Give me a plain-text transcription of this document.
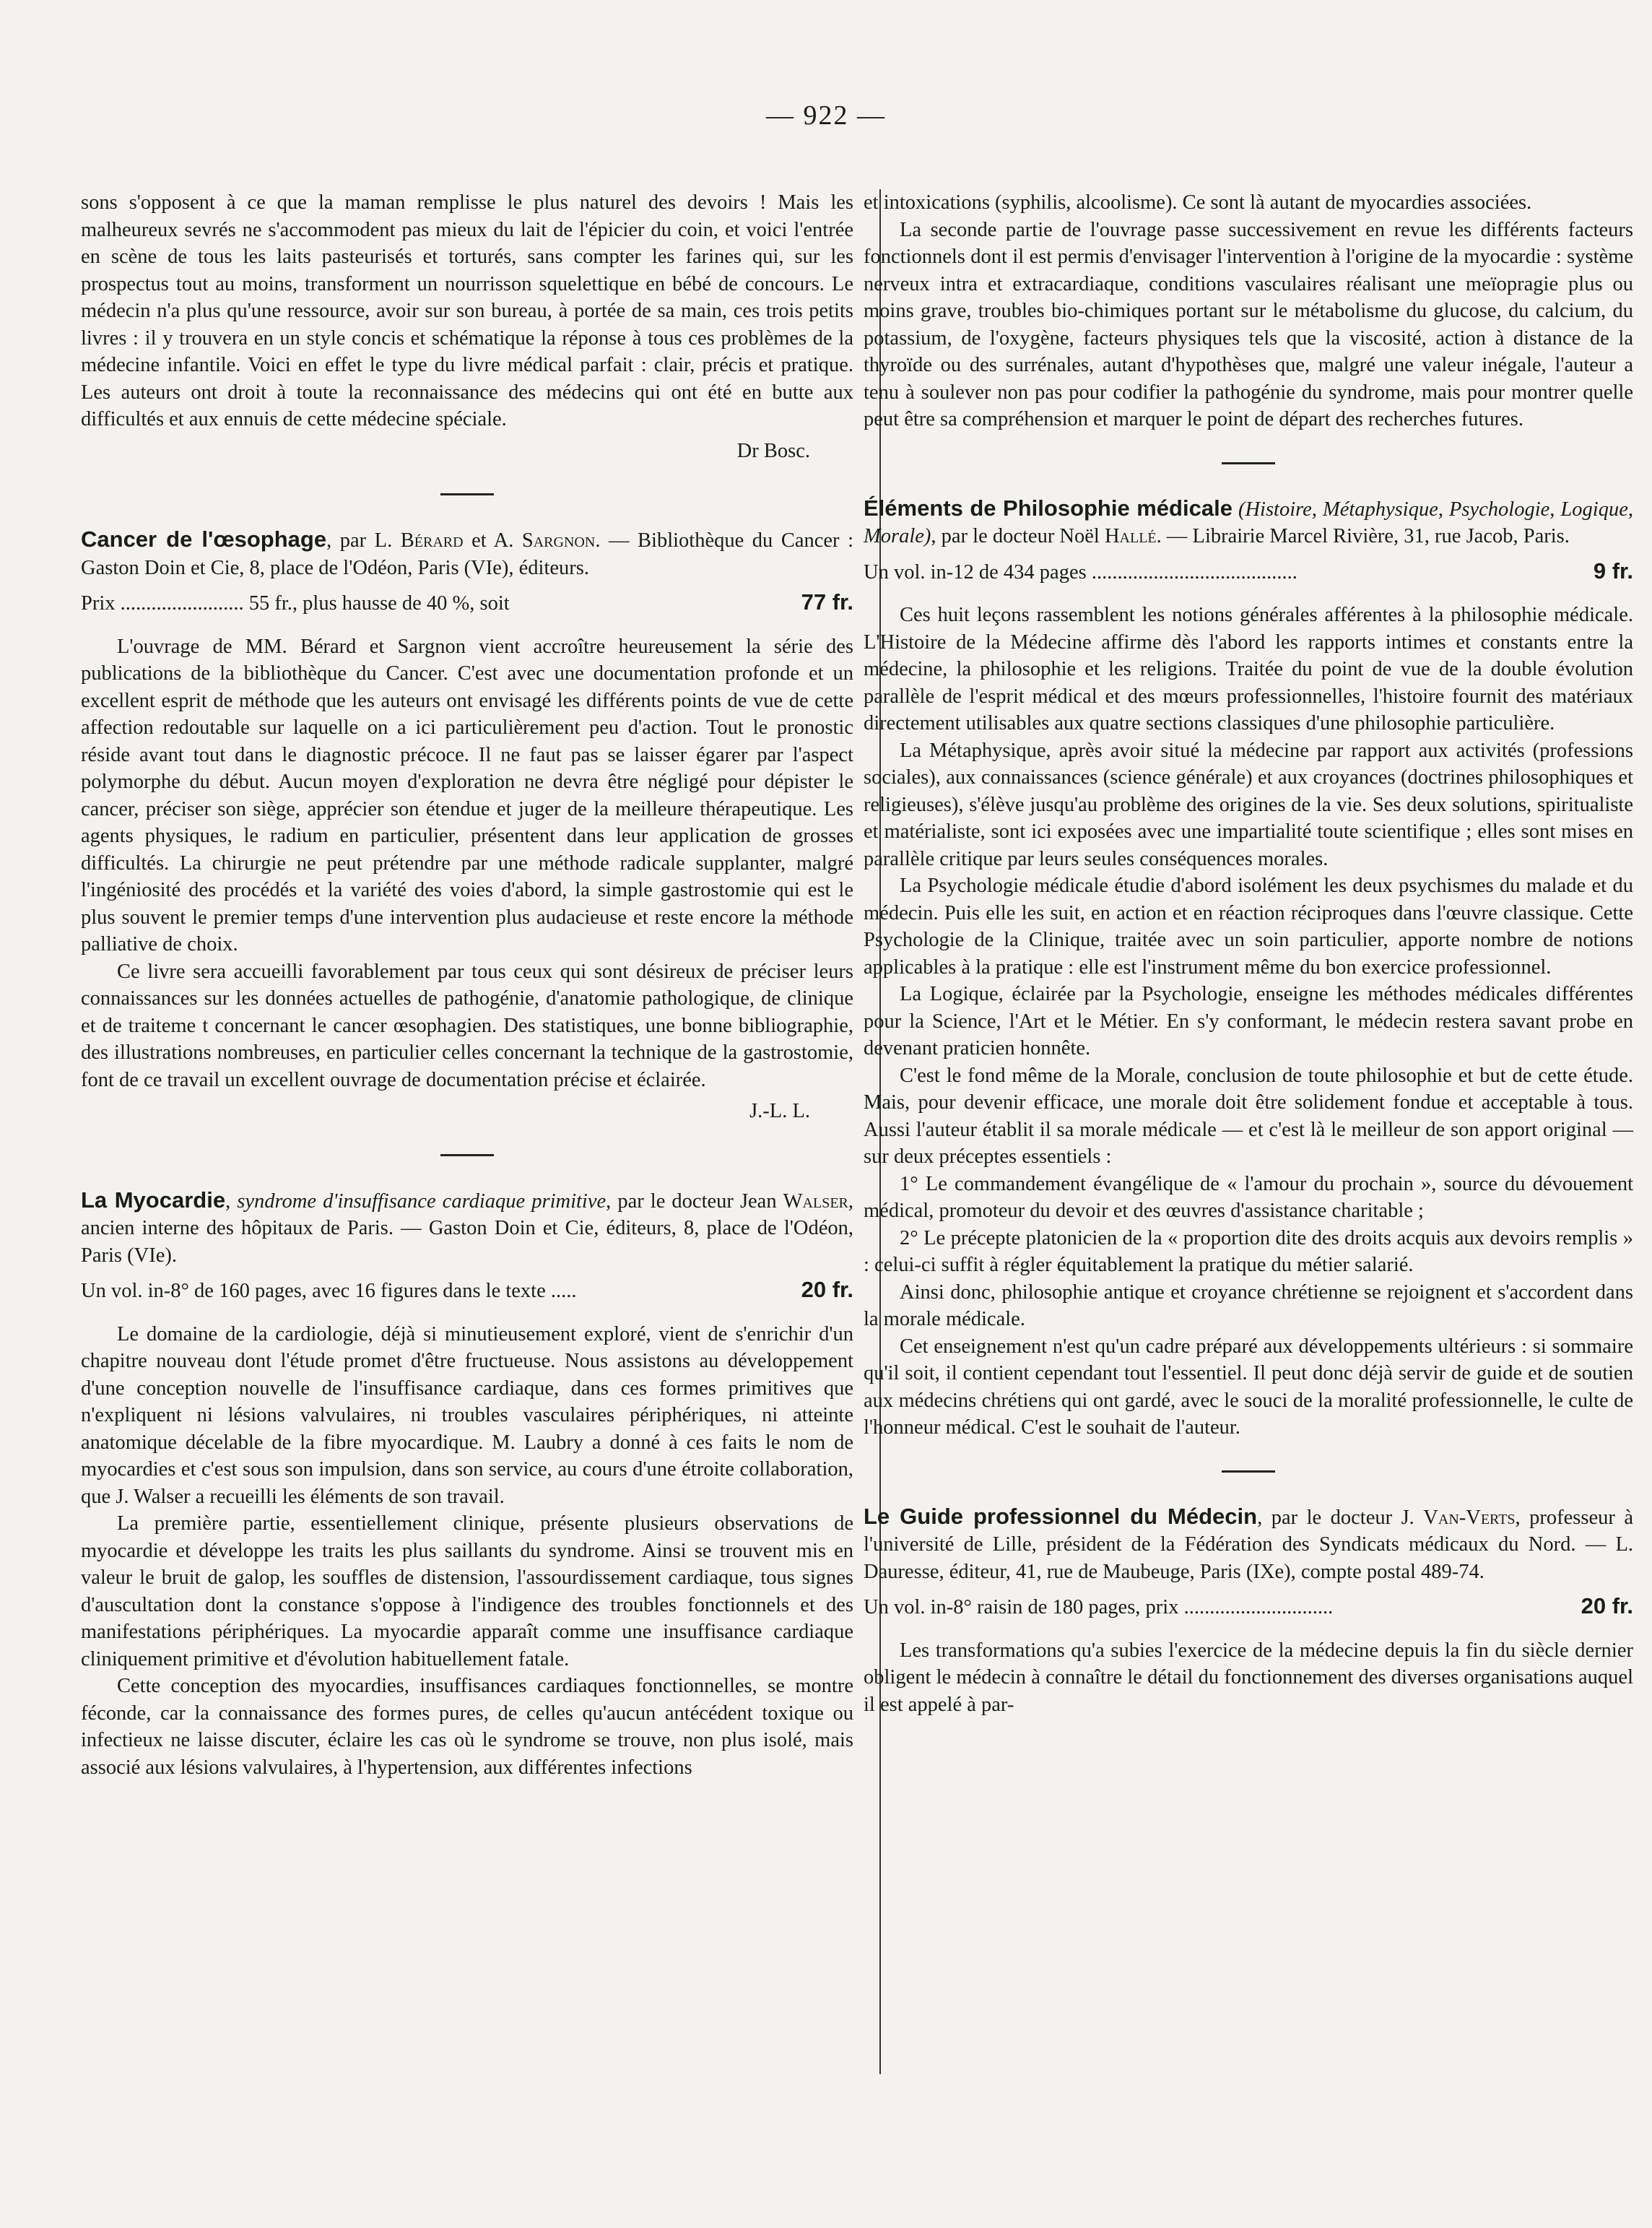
— 922 —

sons s'opposent à ce que la maman remplisse le plus naturel des devoirs ! Mais les malheureux sevrés ne s'accommodent pas mieux du lait de l'épicier du coin, et voici l'entrée en scène de tous les laits pasteurisés et torturés, sans compter les farines qui, sur les prospectus tout au moins, transforment un nourrisson squelettique en bébé de concours. Le médecin n'a plus qu'une ressource, avoir sur son bureau, à portée de sa main, ces trois petits livres : il y trouvera en un style concis et schématique la réponse à tous ces problèmes de la médecine infantile. Voici en effet le type du livre médical parfait : clair, précis et pratique. Les auteurs ont droit à toute la reconnaissance des médecins qui ont été en butte aux difficultés et aux ennuis de cette médecine spéciale.

Dr Bosc.

Cancer de l'œsophage, par L. Bérard et A. Sargnon. — Bibliothèque du Cancer : Gaston Doin et Cie, 8, place de l'Odéon, Paris (VIe), éditeurs.

Prix ........................ 55 fr., plus hausse de 40 %, soit	77 fr.

L'ouvrage de MM. Bérard et Sargnon vient accroître heureusement la série des publications de la bibliothèque du Cancer. C'est avec une documentation profonde et un excellent esprit de méthode que les auteurs ont envisagé les différents points de vue de cette affection redoutable sur laquelle on a ici particulièrement peu d'action. Tout le pronostic réside avant tout dans le diagnostic précoce. Il ne faut pas se laisser égarer par l'aspect polymorphe du début. Aucun moyen d'exploration ne devra être négligé pour dépister le cancer, préciser son siège, apprécier son étendue et juger de la meilleure thérapeutique. Les agents physiques, le radium en particulier, présentent dans leur application de grosses difficultés. La chirurgie ne peut prétendre par une méthode radicale supplanter, malgré l'ingéniosité des procédés et la variété des voies d'abord, la simple gastrostomie qui est le plus souvent le premier temps d'une intervention plus audacieuse et reste encore la méthode palliative de choix.

Ce livre sera accueilli favorablement par tous ceux qui sont désireux de préciser leurs connaissances sur les données actuelles de pathogénie, d'anatomie pathologique, de clinique et de traiteme t concernant le cancer œsophagien. Des statistiques, une bonne bibliographie, des illustrations nombreuses, en particulier celles concernant la technique de la gastrostomie, font de ce travail un excellent ouvrage de documentation précise et éclairée.

J.-L. L.

La Myocardie, syndrome d'insuffisance cardiaque primitive, par le docteur Jean Walser, ancien interne des hôpitaux de Paris. — Gaston Doin et Cie, éditeurs, 8, place de l'Odéon, Paris (VIe).

Un vol. in-8° de 160 pages, avec 16 figures dans le texte .....	20 fr.

Le domaine de la cardiologie, déjà si minutieusement exploré, vient de s'enrichir d'un chapitre nouveau dont l'étude promet d'être fructueuse. Nous assistons au développement d'une conception nouvelle de l'insuffisance cardiaque, dans ces formes primitives que n'expliquent ni lésions valvulaires, ni troubles vasculaires périphériques, ni atteinte anatomique décelable de la fibre myocardique. M. Laubry a donné à ces faits le nom de myocardies et c'est sous son impulsion, dans son service, au cours d'une étroite collaboration, que J. Walser a recueilli les éléments de son travail.

La première partie, essentiellement clinique, présente plusieurs observations de myocardie et développe les traits les plus saillants du syndrome. Ainsi se trouvent mis en valeur le bruit de galop, les souffles de distension, l'assourdissement cardiaque, tous signes d'auscultation dont la constance s'oppose à l'indigence des troubles fonctionnels et des manifestations périphériques. La myocardie apparaît comme une insuffisance cardiaque cliniquement primitive et d'évolution habituellement fatale.

Cette conception des myocardies, insuffisances cardiaques fonctionnelles, se montre féconde, car la connaissance des formes pures, de celles qu'aucun antécédent toxique ou infectieux ne laisse discuter, éclaire les cas où le syndrome se trouve, non plus isolé, mais associé aux lésions valvulaires, à l'hypertension, aux différentes infections

et intoxications (syphilis, alcoolisme). Ce sont là autant de myocardies associées.

La seconde partie de l'ouvrage passe successivement en revue les différents facteurs fonctionnels dont il est permis d'envisager l'intervention à l'origine de la myocardie : système nerveux intra et extracardiaque, conditions vasculaires réalisant une meïopragie plus ou moins grave, troubles bio-chimiques portant sur le métabolisme du glucose, du calcium, du potassium, de l'oxygène, facteurs physiques tels que la viscosité, action à distance de la thyroïde ou des surrénales, autant d'hypothèses que, malgré une valeur inégale, l'auteur a tenu à soulever non pas pour codifier la pathogénie du syndrome, mais pour montrer quelle peut être sa compréhension et marquer le point de départ des recherches futures.

Éléments de Philosophie médicale (Histoire, Métaphysique, Psychologie, Logique, Morale), par le docteur Noël Hallé. — Librairie Marcel Rivière, 31, rue Jacob, Paris.

Un vol. in-12 de 434 pages ........................................	9 fr.

Ces huit leçons rassemblent les notions générales afférentes à la philosophie médicale. L'Histoire de la Médecine affirme dès l'abord les rapports intimes et constants entre la médecine, la philosophie et les religions. Traitée du point de vue de la double évolution parallèle de l'esprit médical et des mœurs professionnelles, l'histoire fournit des matériaux directement utilisables aux quatre sections classiques d'une philosophie particulière.

La Métaphysique, après avoir situé la médecine par rapport aux activités (professions sociales), aux connaissances (science générale) et aux croyances (doctrines philosophiques et religieuses), s'élève jusqu'au problème des origines de la vie. Ses deux solutions, spiritualiste et matérialiste, sont ici exposées avec une impartialité toute scientifique ; elles sont mises en parallèle critique par leurs seules conséquences morales.

La Psychologie médicale étudie d'abord isolément les deux psychismes du malade et du médecin. Puis elle les suit, en action et en réaction réciproques dans l'œuvre classique. Cette Psychologie de la Clinique, traitée avec un soin particulier, apporte nombre de notions applicables à la pratique : elle est l'instrument même du bon exercice professionnel.

La Logique, éclairée par la Psychologie, enseigne les méthodes médicales différentes pour la Science, l'Art et le Métier. En s'y conformant, le médecin restera savant probe en devenant praticien honnête.

C'est le fond même de la Morale, conclusion de toute philosophie et but de cette étude. Mais, pour devenir efficace, une morale doit être solidement fondue et acceptable à tous. Aussi l'auteur établit il sa morale médicale — et c'est là le meilleur de son apport original — sur deux préceptes essentiels :

1° Le commandement évangélique de « l'amour du prochain », source du dévouement médical, promoteur du devoir et des œuvres d'assistance charitable ;

2° Le précepte platonicien de la « proportion dite des droits acquis aux devoirs remplis » : celui-ci suffit à régler équitablement la pratique du métier salarié.

Ainsi donc, philosophie antique et croyance chrétienne se rejoignent et s'accordent dans la morale médicale.

Cet enseignement n'est qu'un cadre préparé aux développements ultérieurs : si sommaire qu'il soit, il contient cependant tout l'essentiel. Il peut donc déjà servir de guide et de soutien aux médecins chrétiens qui ont gardé, avec le souci de la moralité professionnelle, le culte de l'honneur médical. C'est le souhait de l'auteur.

Le Guide professionnel du Médecin, par le docteur J. Van-Verts, professeur à l'université de Lille, président de la Fédération des Syndicats médicaux du Nord. — L. Dauresse, éditeur, 41, rue de Maubeuge, Paris (IXe), compte postal 489-74.

Un vol. in-8° raisin de 180 pages, prix .............................	20 fr.

Les transformations qu'a subies l'exercice de la médecine depuis la fin du siècle dernier obligent le médecin à connaître le détail du fonctionnement des diverses organisations auquel il est appelé à par-
